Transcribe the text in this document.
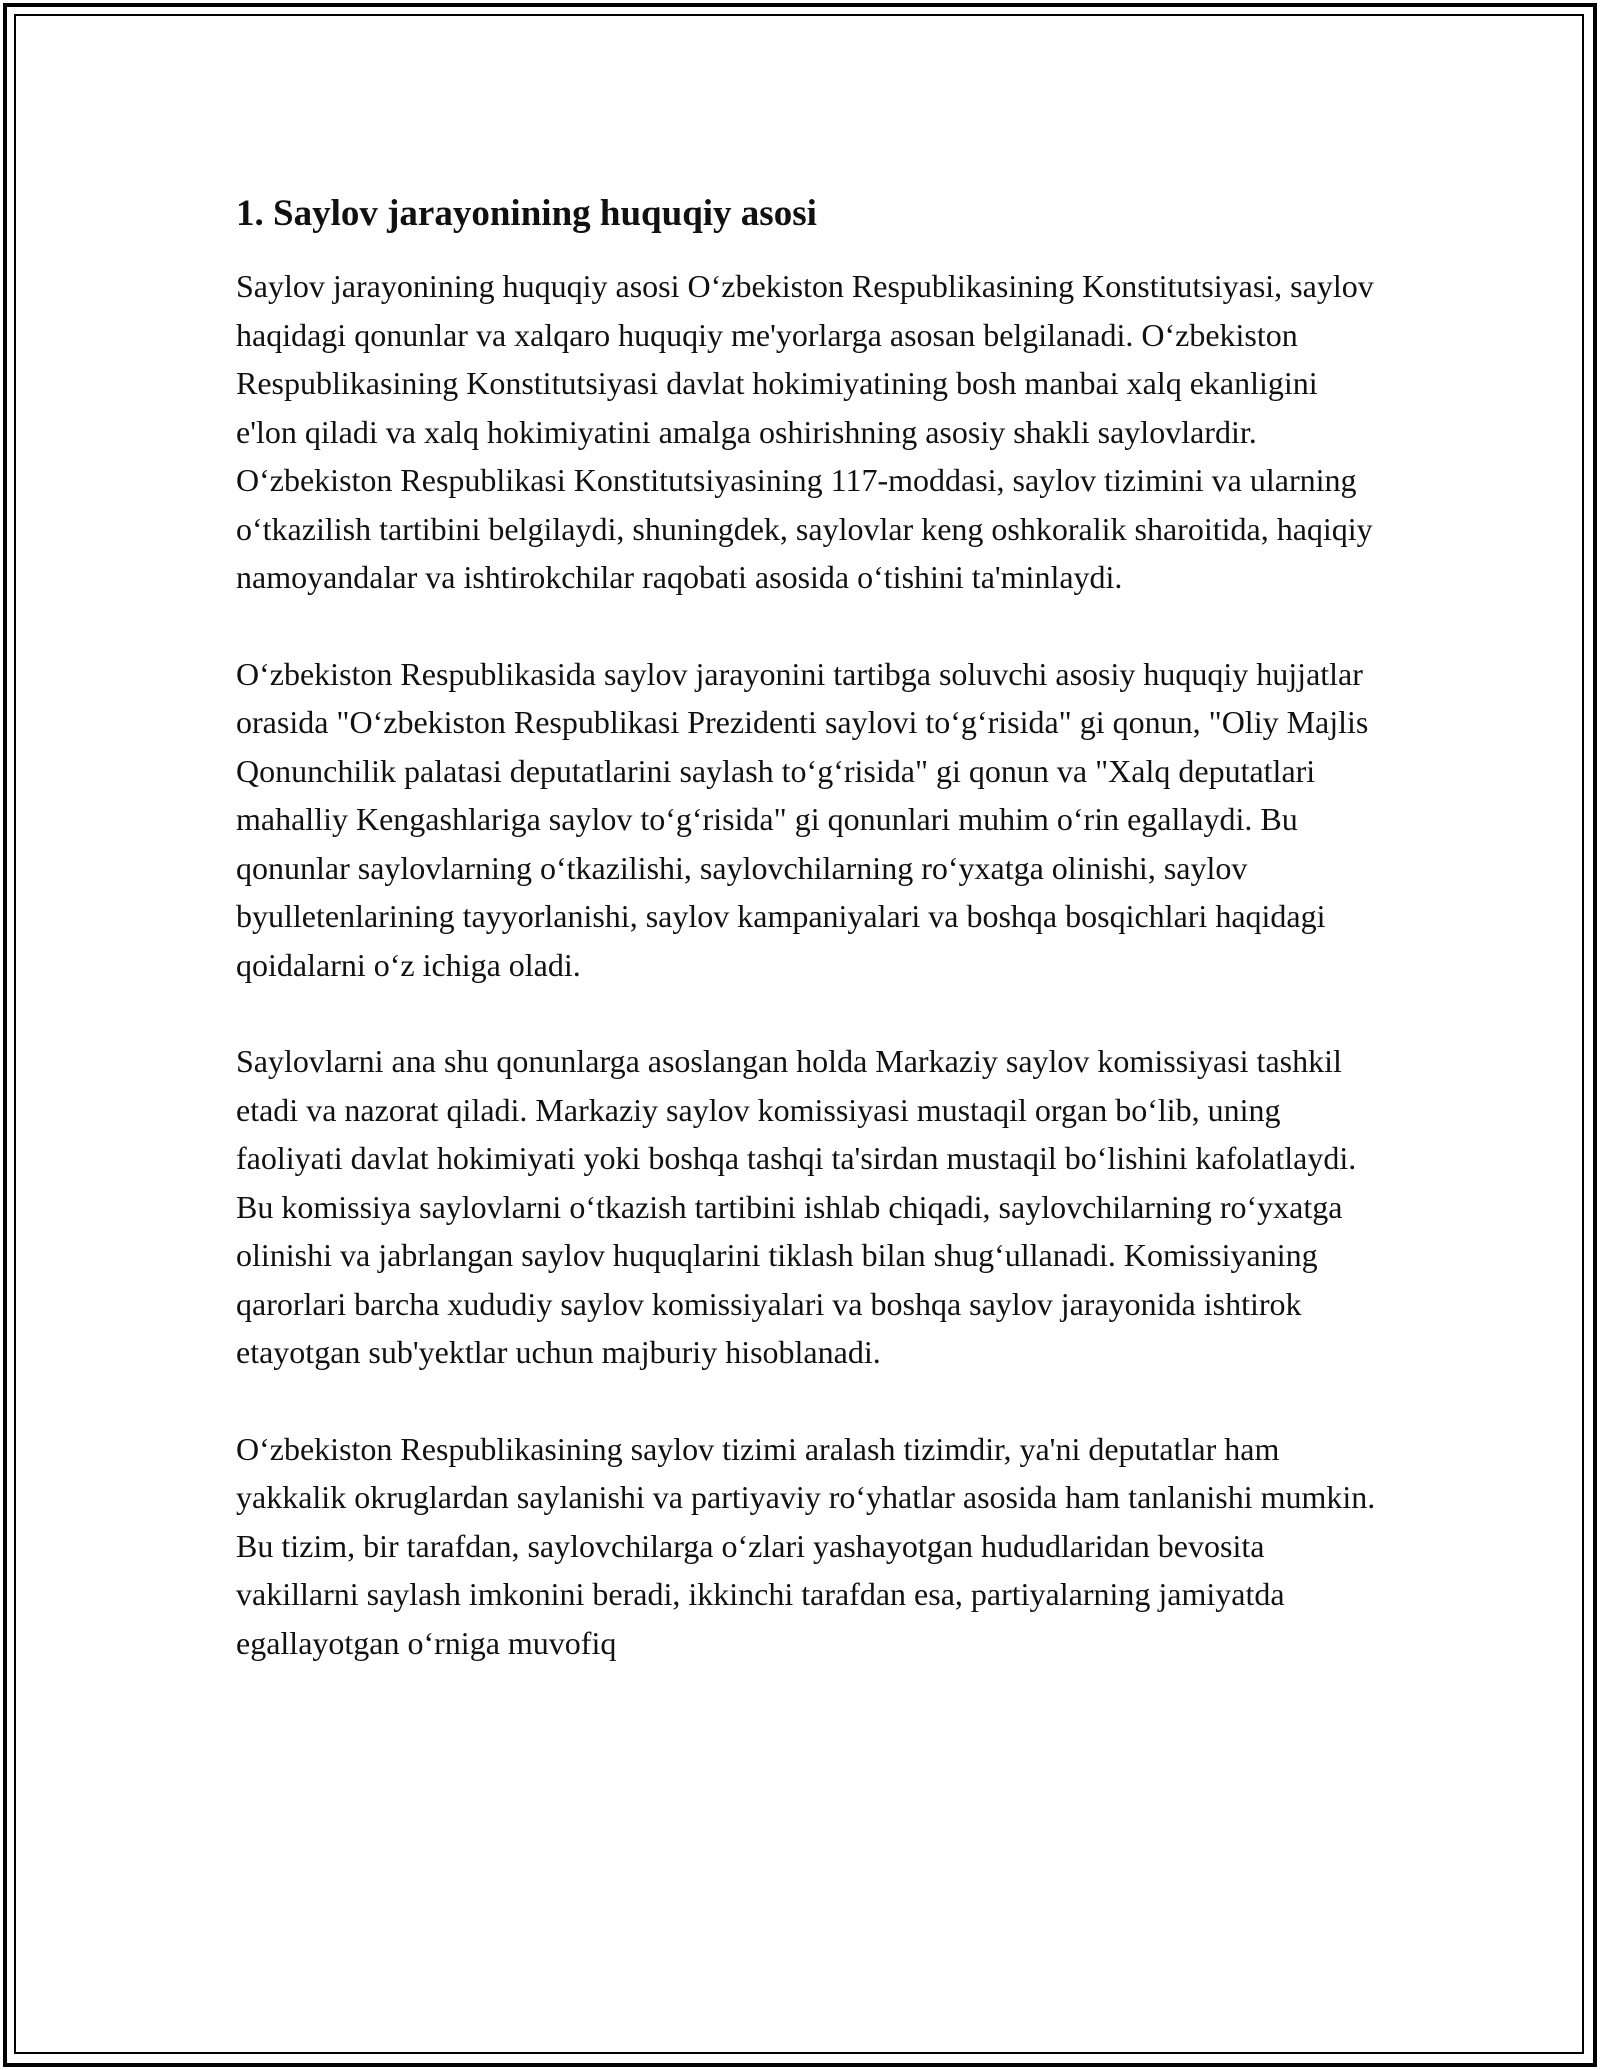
1. Saylov jarayonining huquqiy asosi

Saylov jarayonining huquqiy asosi O‘zbekiston Respublikasining Konstitutsiyasi, saylov haqidagi qonunlar va xalqaro huquqiy me'yorlarga asosan belgilanadi. O‘zbekiston Respublikasining Konstitutsiyasi davlat hokimiyatining bosh manbai xalq ekanligini e'lon qiladi va xalq hokimiyatini amalga oshirishning asosiy shakli saylovlardir. O‘zbekiston Respublikasi Konstitutsiyasining 117-moddasi, saylov tizimini va ularning o‘tkazilish tartibini belgilaydi, shuningdek, saylovlar keng oshkoralik sharoitida, haqiqiy namoyandalar va ishtirokchilar raqobati asosida o‘tishini ta'minlaydi.

O‘zbekiston Respublikasida saylov jarayonini tartibga soluvchi asosiy huquqiy hujjatlar orasida "O‘zbekiston Respublikasi Prezidenti saylovi to‘g‘risida" gi qonun, "Oliy Majlis Qonunchilik palatasi deputatlarini saylash to‘g‘risida" gi qonun va "Xalq deputatlari mahalliy Kengashlariga saylov to‘g‘risida" gi qonunlari muhim o‘rin egallaydi. Bu qonunlar saylovlarning o‘tkazilishi, saylovchilarning ro‘yxatga olinishi, saylov byulletenlarining tayyorlanishi, saylov kampaniyalari va boshqa bosqichlari haqidagi qoidalarni o‘z ichiga oladi.

Saylovlarni ana shu qonunlarga asoslangan holda Markaziy saylov komissiyasi tashkil etadi va nazorat qiladi. Markaziy saylov komissiyasi mustaqil organ bo‘lib, uning faoliyati davlat hokimiyati yoki boshqa tashqi ta'sirdan mustaqil bo‘lishini kafolatlaydi. Bu komissiya saylovlarni o‘tkazish tartibini ishlab chiqadi, saylovchilarning ro‘yxatga olinishi va jabrlangan saylov huquqlarini tiklash bilan shug‘ullanadi. Komissiyaning qarorlari barcha xududiy saylov komissiyalari va boshqa saylov jarayonida ishtirok etayotgan sub'yektlar uchun majburiy hisoblanadi.

O‘zbekiston Respublikasining saylov tizimi aralash tizimdir, ya'ni deputatlar ham yakkalik okruglardan saylanishi va partiyaviy ro‘yhatlar asosida ham tanlanishi mumkin. Bu tizim, bir tarafdan, saylovchilarga o‘zlari yashayotgan hududlaridan bevosita vakillarni saylash imkonini beradi, ikkinchi tarafdan esa, partiyalarning jamiyatda egallayotgan o‘rniga muvofiq
